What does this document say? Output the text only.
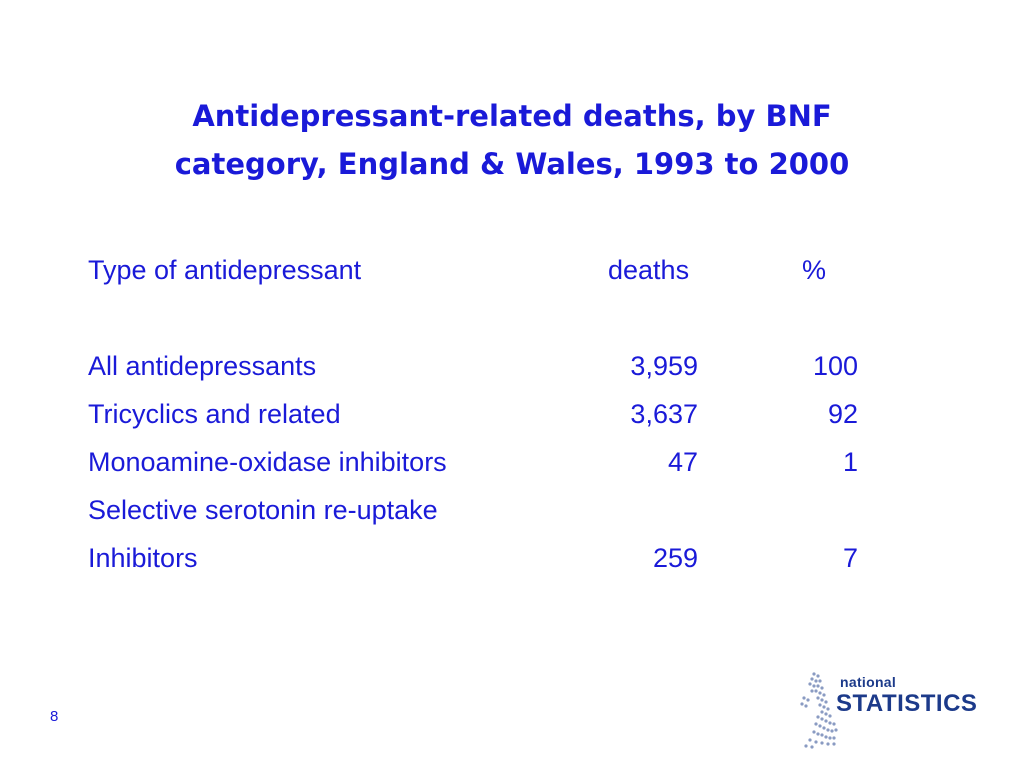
Antidepressant-related deaths, by BNF
category, England & Wales, 1993 to 2000
Type of antidepressant	deaths	%
All antidepressants	3,959	100
Tricyclics and related	3,637	92
Monoamine-oxidase inhibitors	47	1
Selective serotonin re-uptake
Inhibitors	259	7
8
national
STATISTICS
